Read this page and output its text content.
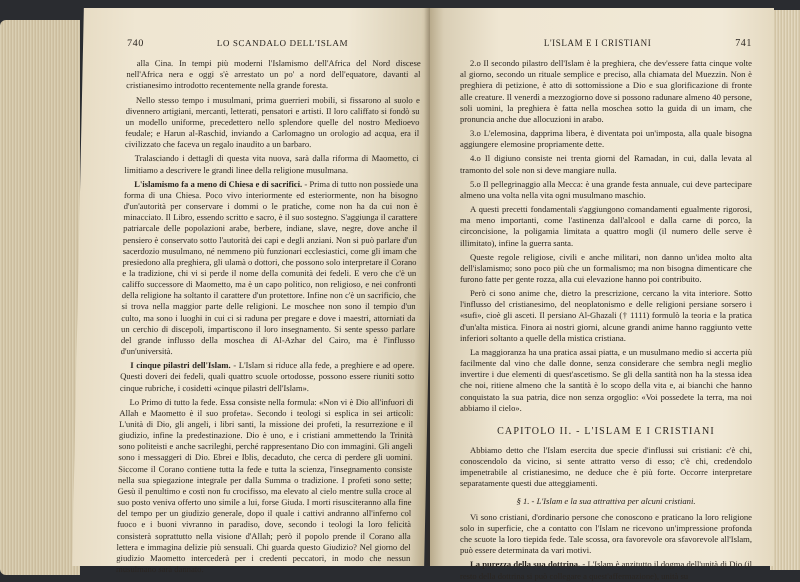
740	LO SCANDALO DELL'ISLAM

alla Cina. In tempi più moderni l'Islamismo dell'Africa del Nord discese nell'Africa nera e oggi s'è arrestato un po' a nord dell'equatore, davanti al cristianesimo introdotto recentemente nella grande foresta.

Nello stesso tempo i musulmani, prima guerrieri mobili, si fissarono al suolo e divennero artigiani, mercanti, letterati, pensatori e artisti. Il loro califfato si fondò su un modello uniforme, precedettero nello splendore quelle del nostro Medioevo feudale; e Harun al-Raschid, inviando a Carlomagno un orologio ad acqua, era il civilizzato che faceva un regalo inaudito a un barbaro.

Tralasciando i dettagli di questa vita nuova, sarà dalla riforma di Maometto, ci limitiamo a descrivere le grandi linee della religione musulmana.

L'islamismo fa a meno di Chiesa e di sacrifici. - Prima di tutto non possiede una forma di una Chiesa. Poco vivo interiormente ed esteriormente, non ha bisogno d'un'autorità per conservare i dommi o le pratiche, come non ha da cui non è minacciato. Il Libro, essendo scritto e sacro, è il suo sostegno. S'aggiunga il carattere patriarcale delle popolazioni arabe, berbere, indiane, slave, negre, dove anche il pensiero è conservato sotto l'autorità dei capi e degli anziani. Non si può parlare d'un sacerdozio musulmano, né nemmeno più funzionari ecclesiastici, come gli imam che presiedono alla preghiera, gli ulamà o dottori, che possono solo interpretare il Corano e la tradizione, chi vi si perde il nome della comunità dei fedeli. E vero che c'è un califfo successore di Maometto, ma è un capo politico, non religioso, e nei confronti della religione ha soltanto il carattere d'un protettore. Infine non c'è un sacrificio, che si trova nella maggior parte delle religioni. Le moschee non sono il tempio d'un culto, ma sono i luoghi in cui ci si raduna per pregare e dove i maestri, attorniati da un cerchio di discepoli, impartiscono il loro insegnamento. Si sente spesso parlare del grande influsso della moschea di Al-Azhar del Cairo, ma è l'influsso d'un'università.

I cinque pilastri dell'Islam. - L'Islam si riduce alla fede, a preghiere e ad opere. Questi doveri dei fedeli, quali quattro scuole ortodosse, possono essere riuniti sotto cinque rubriche, i cosidetti «cinque pilastri dell'Islam».

Lo Primo di tutto la fede. Essa consiste nella formula: «Non vi è Dio all'infuori di Allah e Maometto è il suo profeta». Secondo i teologi si esplica in sei articoli: L'unità di Dio, gli angeli, i libri santi, la missione dei profeti, la resurrezione e il giudizio, infine la predestinazione. Dio è uno, e i cristiani ammettendo la Trinità sono politeisti e anche sacrileghi, perché rappresentano Dio con immagini. Gli angeli sono i messaggeri di Dio. Ebrei e Iblis, decaduto, che cerca di perdere gli uomini. Siccome il Corano contiene tutta la fede e tutta la scienza, l'insegnamento consiste nella sua spiegazione integrale per dalla Summa o tradizione. I profeti sono sette; Gesù il penultimo e costì non fu crocifisso, ma elevato al cielo mentre sulla croce al suo posto veniva offerto uno simile a lui, forse Giuda. I morti risusciteranno alla fine del tempo per un giudizio generale, dopo il quale i cattivi andranno all'inferno col fuoco e i buoni vivranno in paradiso, dove, secondo i teologi la loro felicità consisterà soprattutto nella visione d'Allah; però il popolo prende il Corano alla lettera e immagina delizie più sensuali. Chi guarda questo Giudizio? Nel giorno del giudizio Maometto intercederà per i credenti peccatori, in modo che nessun musulmano sarà dannato.

L'ISLAM E I CRISTIANI	741

2.o Il secondo pilastro dell'Islam è la preghiera, che dev'essere fatta cinque volte al giorno, secondo un rituale semplice e preciso, alla chiamata del Muezzin. Non è preghiera di petizione, è atto di sottomissione a Dio e sua glorificazione di fronte alle creature. Il venerdì a mezzogiorno dove si possono radunare almeno 40 persone, soli uomini, la preghiera è fatta nella moschea sotto la guida di un imam, che pronuncia anche due allocuzioni in arabo.

3.o L'elemosina, dapprima libera, è diventata poi un'imposta, alla quale bisogna aggiungere elemosine propriamente dette.

4.o Il digiuno consiste nei trenta giorni del Ramadan, in cui, dalla levata al tramonto del sole non si deve mangiare nulla.

5.o Il pellegrinaggio alla Mecca: è una grande festa annuale, cui deve partecipare almeno una volta nella vita ogni musulmano maschio.

A questi precetti fondamentali s'aggiungono comandamenti egualmente rigorosi, ma meno importanti, come l'astinenza dall'alcool e dalla carne di porco, la circoncisione, la poligamia limitata a quattro mogli (il numero delle serve è illimitato), infine la guerra santa.

Queste regole religiose, civili e anche militari, non danno un'idea molto alta dell'islamismo; sono poco più che un formalismo; ma non bisogna dimenticare che furono fatte per gente rozza, alla cui elevazione hanno poi contribuito.

Però ci sono anime che, dietro la prescrizione, cercano la vita interiore. Sotto l'influsso del cristianesimo, del neoplatonismo e delle religioni persiane sorsero i «sufi», cioè gli asceti. Il persiano Al-Ghazali († 1111) formulò la teoria e la pratica d'un'alta mistica. Finora ai nostri giorni, alcune grandi anime hanno raggiunto vette inferiori soltanto a quelle della mistica cristiana.

La maggioranza ha una pratica assai piatta, e un musulmano medio si accerta più facilmente dal vino che dalle donne, senza considerare che sembra negli meglio invertire i due elementi di quest'ascetismo. Se gli della santità non ha la stessa idea che noi, ritiene almeno che la santità è lo scopo della vita e, ai bianchi che hanno conquistato la sua patria, dice non senza orgoglio: «Voi possedete la terra, ma noi abbiamo il cielo».

CAPITOLO II. - L'ISLAM E I CRISTIANI

Abbiamo detto che l'Islam esercita due specie d'influssi sui cristiani: c'è chi, conoscendolo da vicino, si sente attratto verso di esso; c'è chi, credendolo impenetrabile al cristianesimo, ne deduce che è più forte. Occorre interpretare separatamente questi due atteggiamenti.

§ 1. - L'Islam e la sua attrattiva per alcuni cristiani.

Vi sono cristiani, d'ordinario persone che conoscono e praticano la loro religione solo in superficie, che a contatto con l'Islam ne ricevono un'impressione profonda che scuote la loro tiepida fede. Tale scossa, ora favorevole ora sfavorevole all'Islam, può essere determinata da vari motivi.

La purezza della sua dottrina. - L'Islam è anzitutto il dogma dell'unità di Dio (il resto della dottrina si può collegare a quest'affermazione), unità su
